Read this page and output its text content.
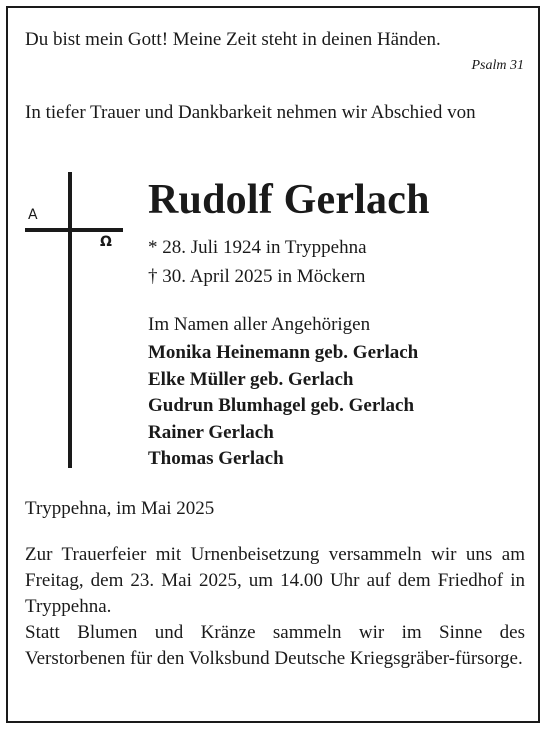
Du bist mein Gott! Meine Zeit steht in deinen Händen.
Psalm 31
In tiefer Trauer und Dankbarkeit nehmen wir Abschied von
A
Ω
Rudolf Gerlach
* 28. Juli 1924 in Tryppehna
† 30. April 2025 in Möckern
Im Namen aller Angehörigen
Monika Heinemann geb. Gerlach
Elke Müller geb. Gerlach
Gudrun Blumhagel geb. Gerlach
Rainer Gerlach
Thomas Gerlach
Tryppehna, im Mai 2025

Zur Trauerfeier mit Urnenbeisetzung versammeln wir uns am Freitag, dem 23. Mai 2025, um 14.00 Uhr auf dem Friedhof in Tryppehna.

Statt Blumen und Kränze sammeln wir im Sinne des Verstorbenen für den Volksbund Deutsche Kriegsgräber-fürsorge.
